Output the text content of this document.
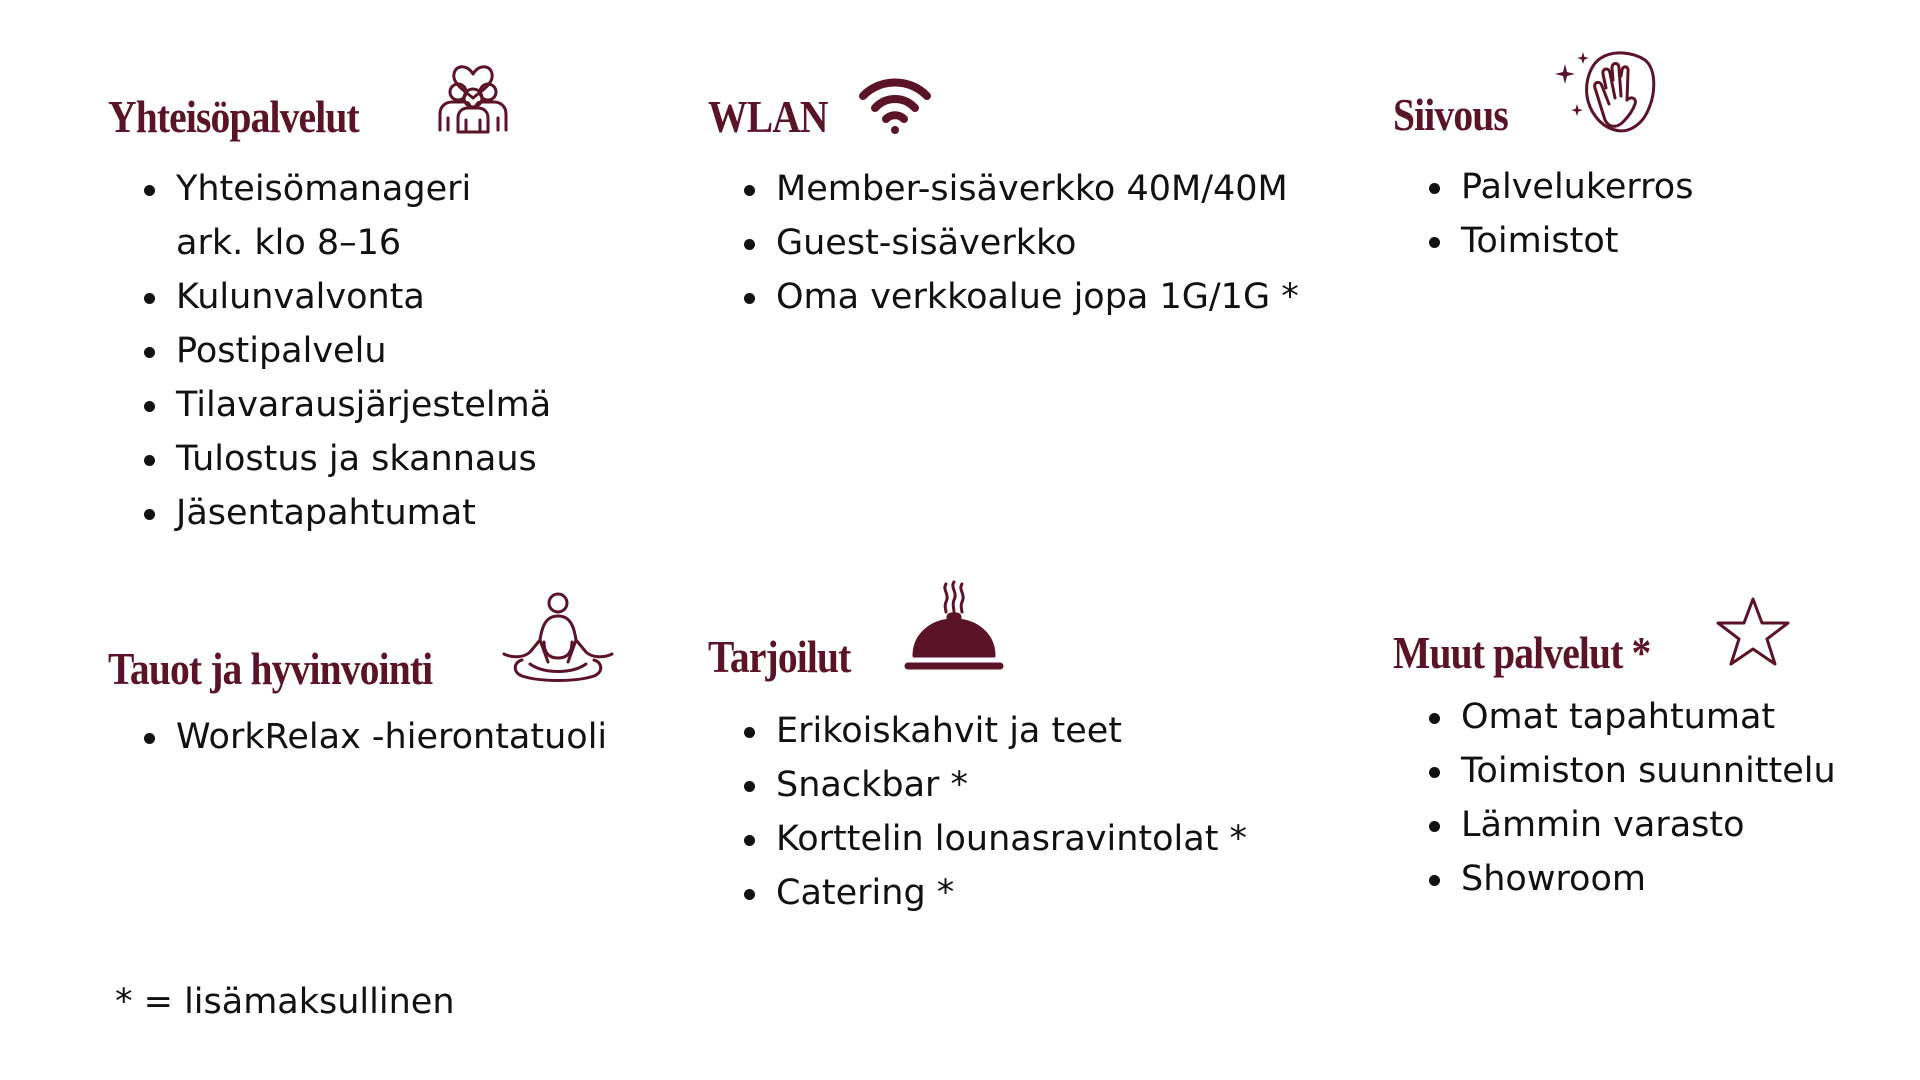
Yhteisöpalvelut
Yhteisömanageri
ark. klo 8–16
Kulunvalvonta
Postipalvelu
Tilavarausjärjestelmä
Tulostus ja skannaus
Jäsentapahtumat
WLAN
Member-sisäverkko 40M/40M
Guest-sisäverkko
Oma verkkoalue jopa 1G/1G *
Siivous
Palvelukerros
Toimistot
Tauot ja hyvinvointi
WorkRelax -hierontatuoli
Tarjoilut
Erikoiskahvit ja teet
Snackbar *
Korttelin lounasravintolat *
Catering *
Muut palvelut *
Omat tapahtumat
Toimiston suunnittelu
Lämmin varasto
Showroom
* = lisämaksullinen
